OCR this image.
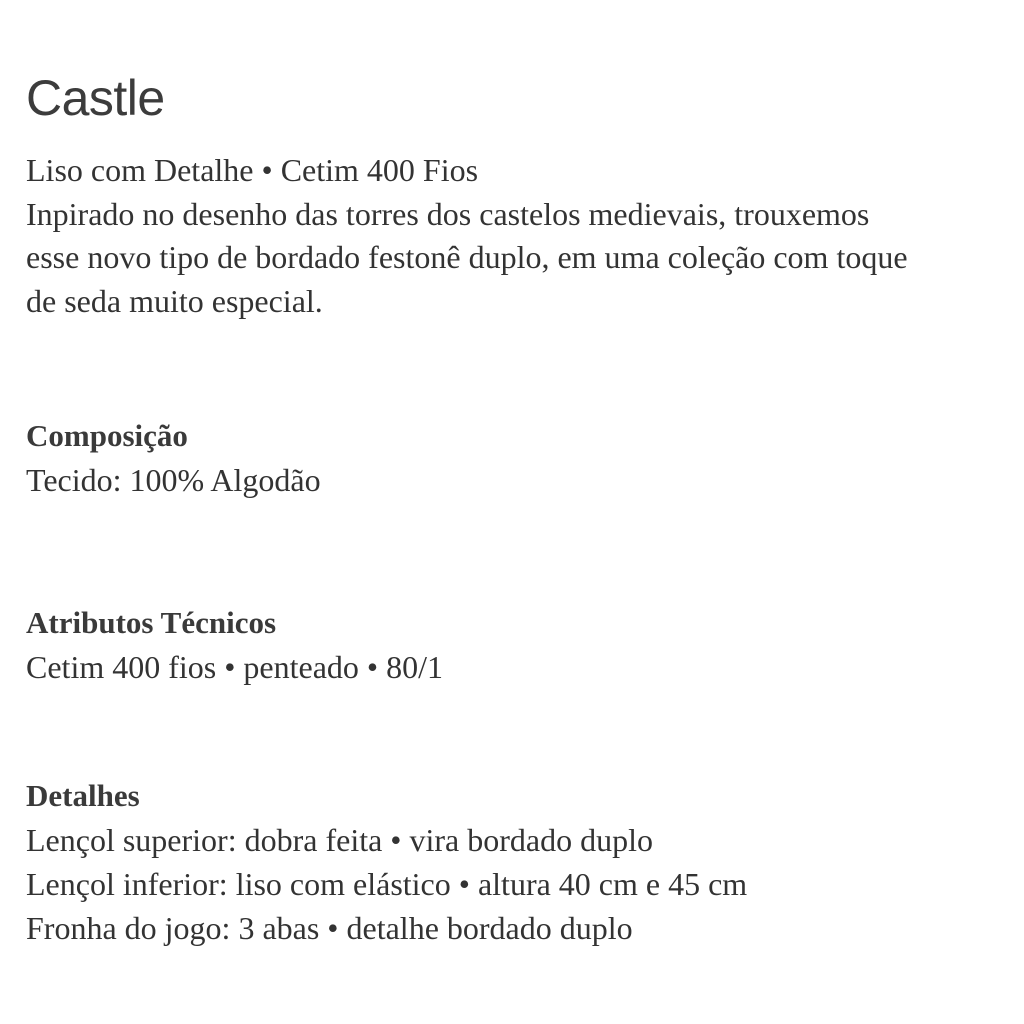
Castle
Liso com Detalhe • Cetim 400 Fios
Inpirado no desenho das torres dos castelos medievais, trouxemos
esse novo tipo de bordado festonê duplo, em uma coleção com toque
de seda muito especial.
Composição
Tecido: 100% Algodão
Atributos Técnicos
Cetim 400 fios • penteado • 80/1
Detalhes
Lençol superior: dobra feita • vira bordado duplo
Lençol inferior: liso com elástico • altura 40 cm e 45 cm
Fronha do jogo: 3 abas • detalhe bordado duplo
